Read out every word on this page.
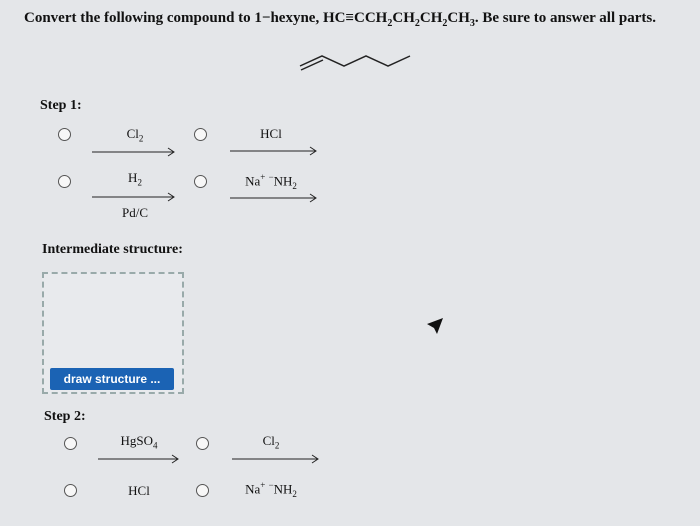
Convert the following compound to 1−hexyne, $HC\equiv CCH_2CH_2CH_2CH_3$. Be sure to answer all parts.
Step 1:
$Cl_2$	HCl
$H_2$
Pd/C
Na+ $^-NH_2$
Intermediate structure:
draw structure ...
Step 2:
HgSO$_4$
HCl
$Cl_2$
Na+ $^-NH_2$
